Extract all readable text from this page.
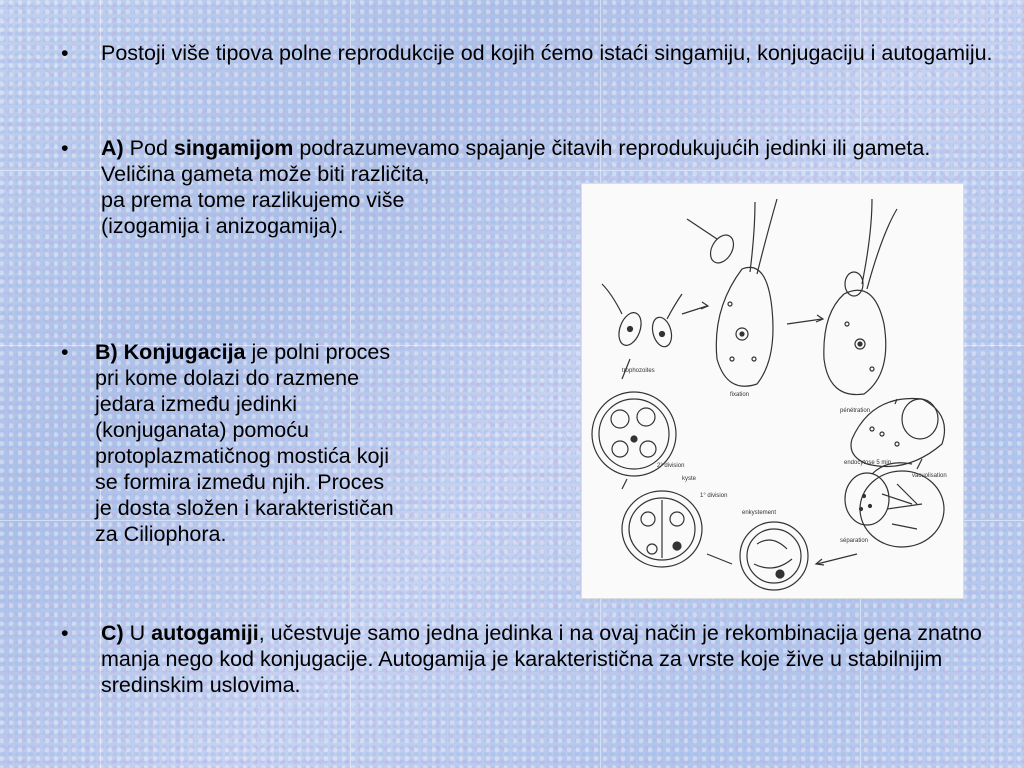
• Postoji više tipova polne reprodukcije od kojih ćemo istaći singamiju, konjugaciju i autogamiju.

• A) Pod singamijom podrazumevamo spajanje čitavih reprodukujućih jedinki ili gameta.

Veličina gameta može biti različita,

pa prema tome razlikujemo više

(izogamija i anizogamija).

• B) Konjugacija je polni proces

pri kome dolazi do razmene

jedara između jedinki

(konjuganata) pomoću

protoplazmatičnog mostića koji

se formira između njih. Proces

je dosta složen i karakterističan

za Ciliophora.

trophozoites
fixation
pénétration
endocytose 5 min
vacuolisation
séparation
enkystement
2° division
1° division
kyste
• C) U autogamiji, učestvuje samo jedna jedinka i na ovaj način je rekombinacija gena znatno manja nego kod konjugacije. Autogamija je karakteristična za vrste koje žive u stabilnijim sredinskim uslovima.
